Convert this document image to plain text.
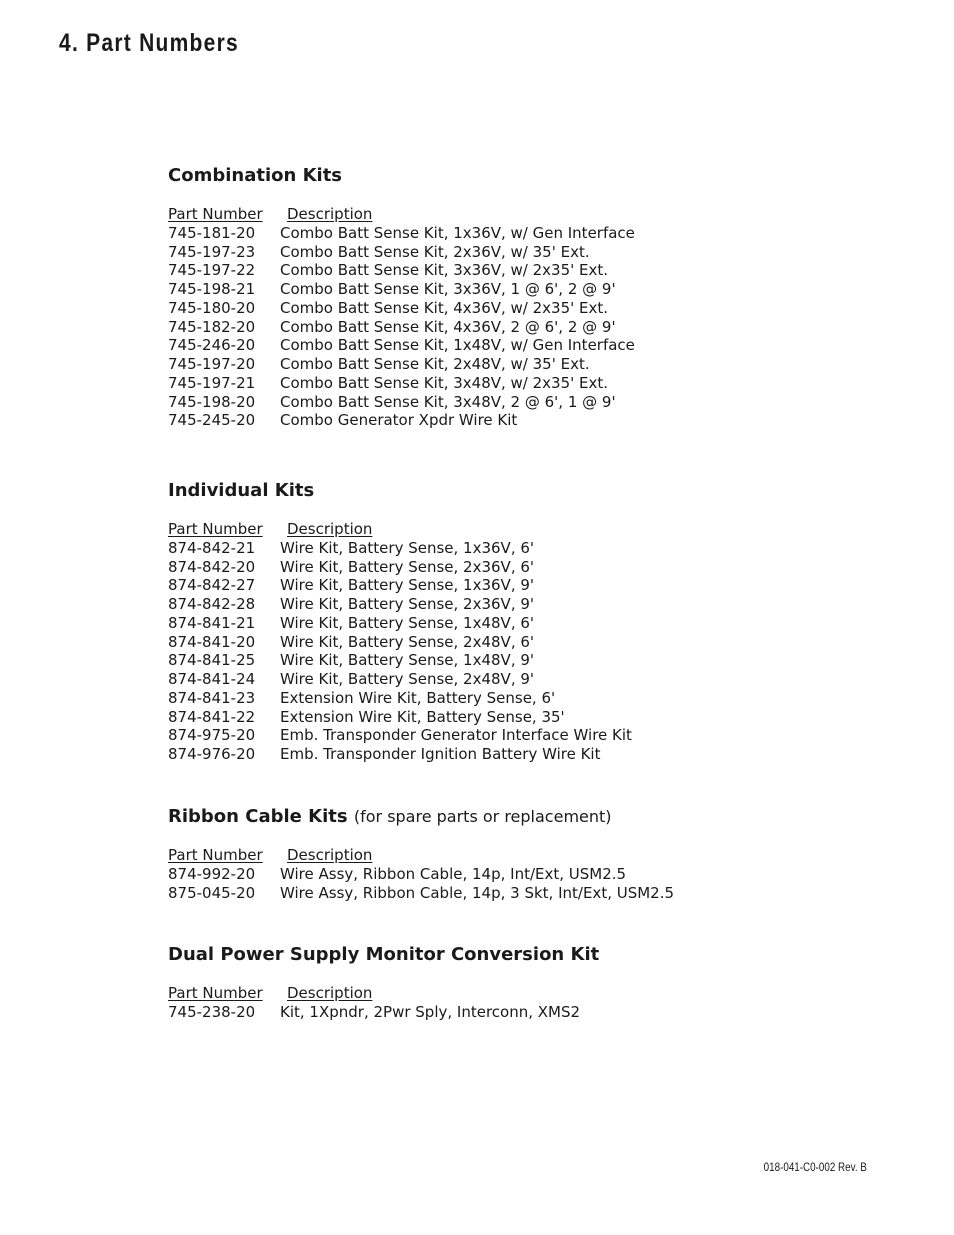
4. Part Numbers
Combination Kits
Part Number	Description
745-181-20	Combo Batt Sense Kit, 1x36V, w/ Gen Interface
745-197-23	Combo Batt Sense Kit, 2x36V, w/ 35' Ext.
745-197-22	Combo Batt Sense Kit, 3x36V, w/ 2x35' Ext.
745-198-21	Combo Batt Sense Kit, 3x36V, 1 @ 6', 2 @ 9'
745-180-20	Combo Batt Sense Kit, 4x36V, w/ 2x35' Ext.
745-182-20	Combo Batt Sense Kit, 4x36V, 2 @ 6', 2 @ 9'
745-246-20	Combo Batt Sense Kit, 1x48V, w/ Gen Interface
745-197-20	Combo Batt Sense Kit, 2x48V, w/ 35' Ext.
745-197-21	Combo Batt Sense Kit, 3x48V, w/ 2x35' Ext.
745-198-20	Combo Batt Sense Kit, 3x48V, 2 @ 6', 1 @ 9'
745-245-20	Combo Generator Xpdr Wire Kit
Individual Kits
Part Number	Description
874-842-21	Wire Kit, Battery Sense, 1x36V, 6'
874-842-20	Wire Kit, Battery Sense, 2x36V, 6'
874-842-27	Wire Kit, Battery Sense, 1x36V, 9'
874-842-28	Wire Kit, Battery Sense, 2x36V, 9'
874-841-21	Wire Kit, Battery Sense, 1x48V, 6'
874-841-20	Wire Kit, Battery Sense, 2x48V, 6'
874-841-25	Wire Kit, Battery Sense, 1x48V, 9'
874-841-24	Wire Kit, Battery Sense, 2x48V, 9'
874-841-23	Extension Wire Kit, Battery Sense, 6'
874-841-22	Extension Wire Kit, Battery Sense, 35'
874-975-20	Emb. Transponder Generator Interface Wire Kit
874-976-20	Emb. Transponder Ignition Battery Wire Kit
Ribbon Cable Kits (for spare parts or replacement)
Part Number	Description
874-992-20	Wire Assy, Ribbon Cable, 14p, Int/Ext, USM2.5
875-045-20	Wire Assy, Ribbon Cable, 14p, 3 Skt, Int/Ext, USM2.5
Dual Power Supply Monitor Conversion Kit
Part Number	Description
745-238-20	Kit, 1Xpndr, 2Pwr Sply, Interconn, XMS2
018-041-C0-002 Rev. B
